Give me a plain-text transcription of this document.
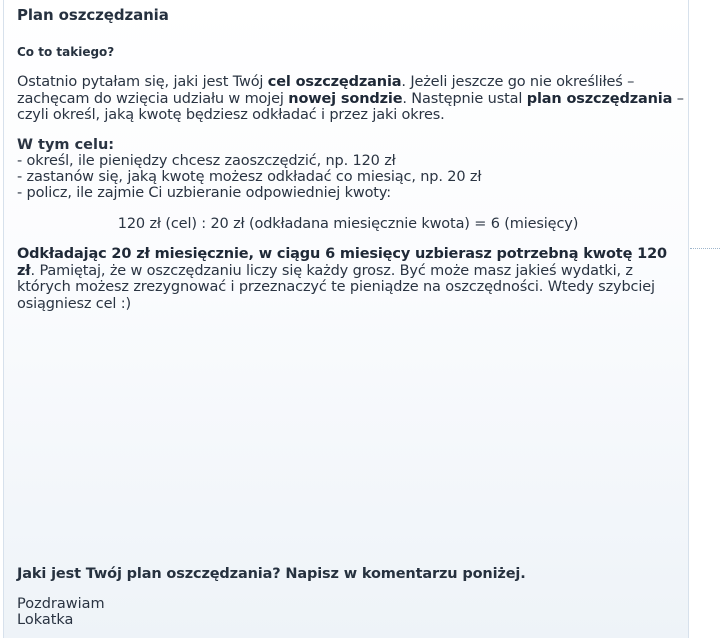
Plan oszczędzania
Co to takiego?
Ostatnio pytałam się, jaki jest Twój cel oszczędzania. Jeżeli jeszcze go nie określiłeś – zachęcam do wzięcia udziału w mojej nowej sondzie. Następnie ustal plan oszczędzania – czyli określ, jaką kwotę będziesz odkładać i przez jaki okres.
W tym celu:
- określ, ile pieniędzy chcesz zaoszczędzić, np. 120 zł
- zastanów się, jaką kwotę możesz odkładać co miesiąc, np. 20 zł
- policz, ile zajmie Ci uzbieranie odpowiedniej kwoty:
120 zł (cel) : 20 zł (odkładana miesięcznie kwota) = 6 (miesięcy)
Odkładając 20 zł miesięcznie, w ciągu 6 miesięcy uzbierasz potrzebną kwotę 120 zł. Pamiętaj, że w oszczędzaniu liczy się każdy grosz. Być może masz jakieś wydatki, z których możesz zrezygnować i przeznaczyć te pieniądze na oszczędności. Wtedy szybciej osiągniesz cel :)
Jaki jest Twój plan oszczędzania? Napisz w komentarzu poniżej.
Pozdrawiam
Lokatka
